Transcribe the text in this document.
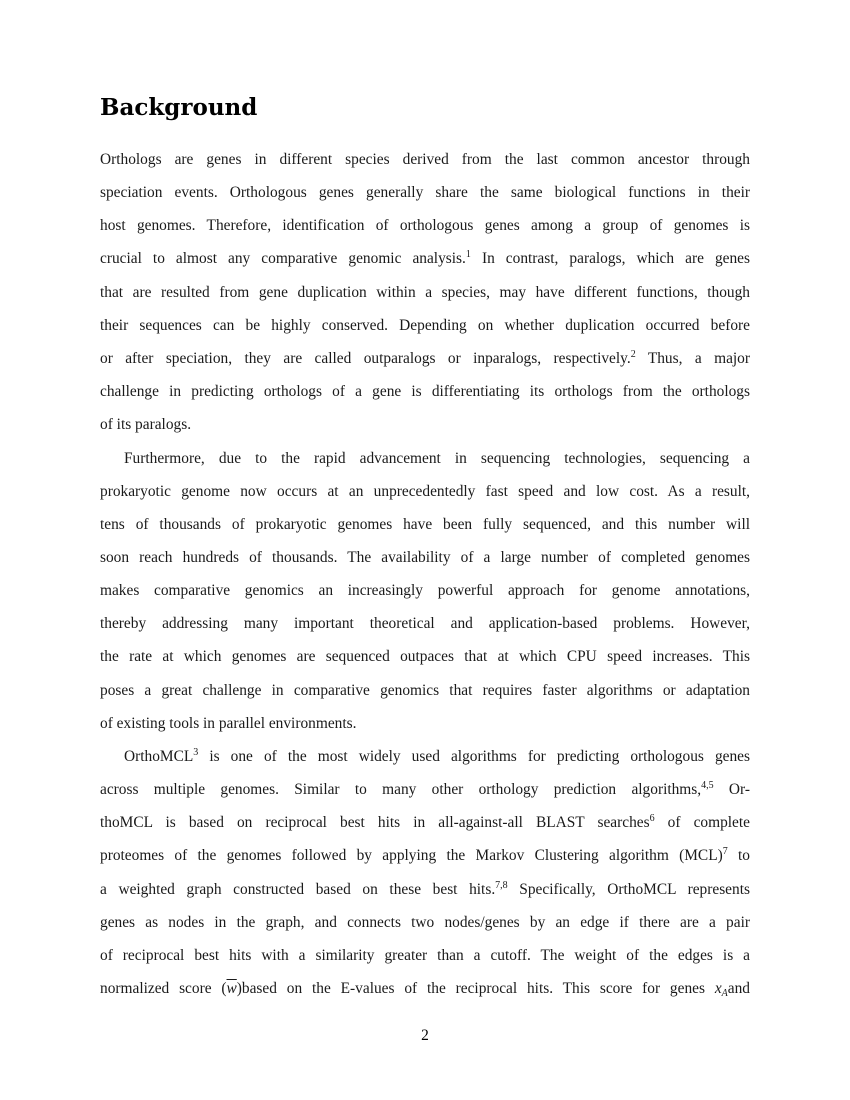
Background
Orthologs are genes in different species derived from the last common ancestor through
speciation events. Orthologous genes generally share the same biological functions in their
host genomes. Therefore, identification of orthologous genes among a group of genomes is
crucial to almost any comparative genomic analysis.$^1$ In contrast, paralogs, which are genes
that are resulted from gene duplication within a species, may have different functions, though
their sequences can be highly conserved. Depending on whether duplication occurred before
or after speciation, they are called outparalogs or inparalogs, respectively.$^2$ Thus, a major
challenge in predicting orthologs of a gene is differentiating its orthologs from the orthologs
of its paralogs.
Furthermore, due to the rapid advancement in sequencing technologies, sequencing a
prokaryotic genome now occurs at an unprecedentedly fast speed and low cost. As a result,
tens of thousands of prokaryotic genomes have been fully sequenced, and this number will
soon reach hundreds of thousands. The availability of a large number of completed genomes
makes comparative genomics an increasingly powerful approach for genome annotations,
thereby addressing many important theoretical and application-based problems. However,
the rate at which genomes are sequenced outpaces that at which CPU speed increases. This
poses a great challenge in comparative genomics that requires faster algorithms or adaptation
of existing tools in parallel environments.
OrthoMCL$^3$ is one of the most widely used algorithms for predicting orthologous genes
across multiple genomes. Similar to many other orthology prediction algorithms,$^{4,5}$ Or-
thoMCL is based on reciprocal best hits in all-against-all BLAST searches$^6$ of complete
proteomes of the genomes followed by applying the Markov Clustering algorithm (MCL)$^7$ to
a weighted graph constructed based on these best hits.$^{7,8}$ Specifically, OrthoMCL represents
genes as nodes in the graph, and connects two nodes/genes by an edge if there are a pair
of reciprocal best hits with a similarity greater than a cutoff. The weight of the edges is a
normalized score $(\overline{w})based$ on the E-values of the reciprocal hits. This score for genes $x_Aand$
2
